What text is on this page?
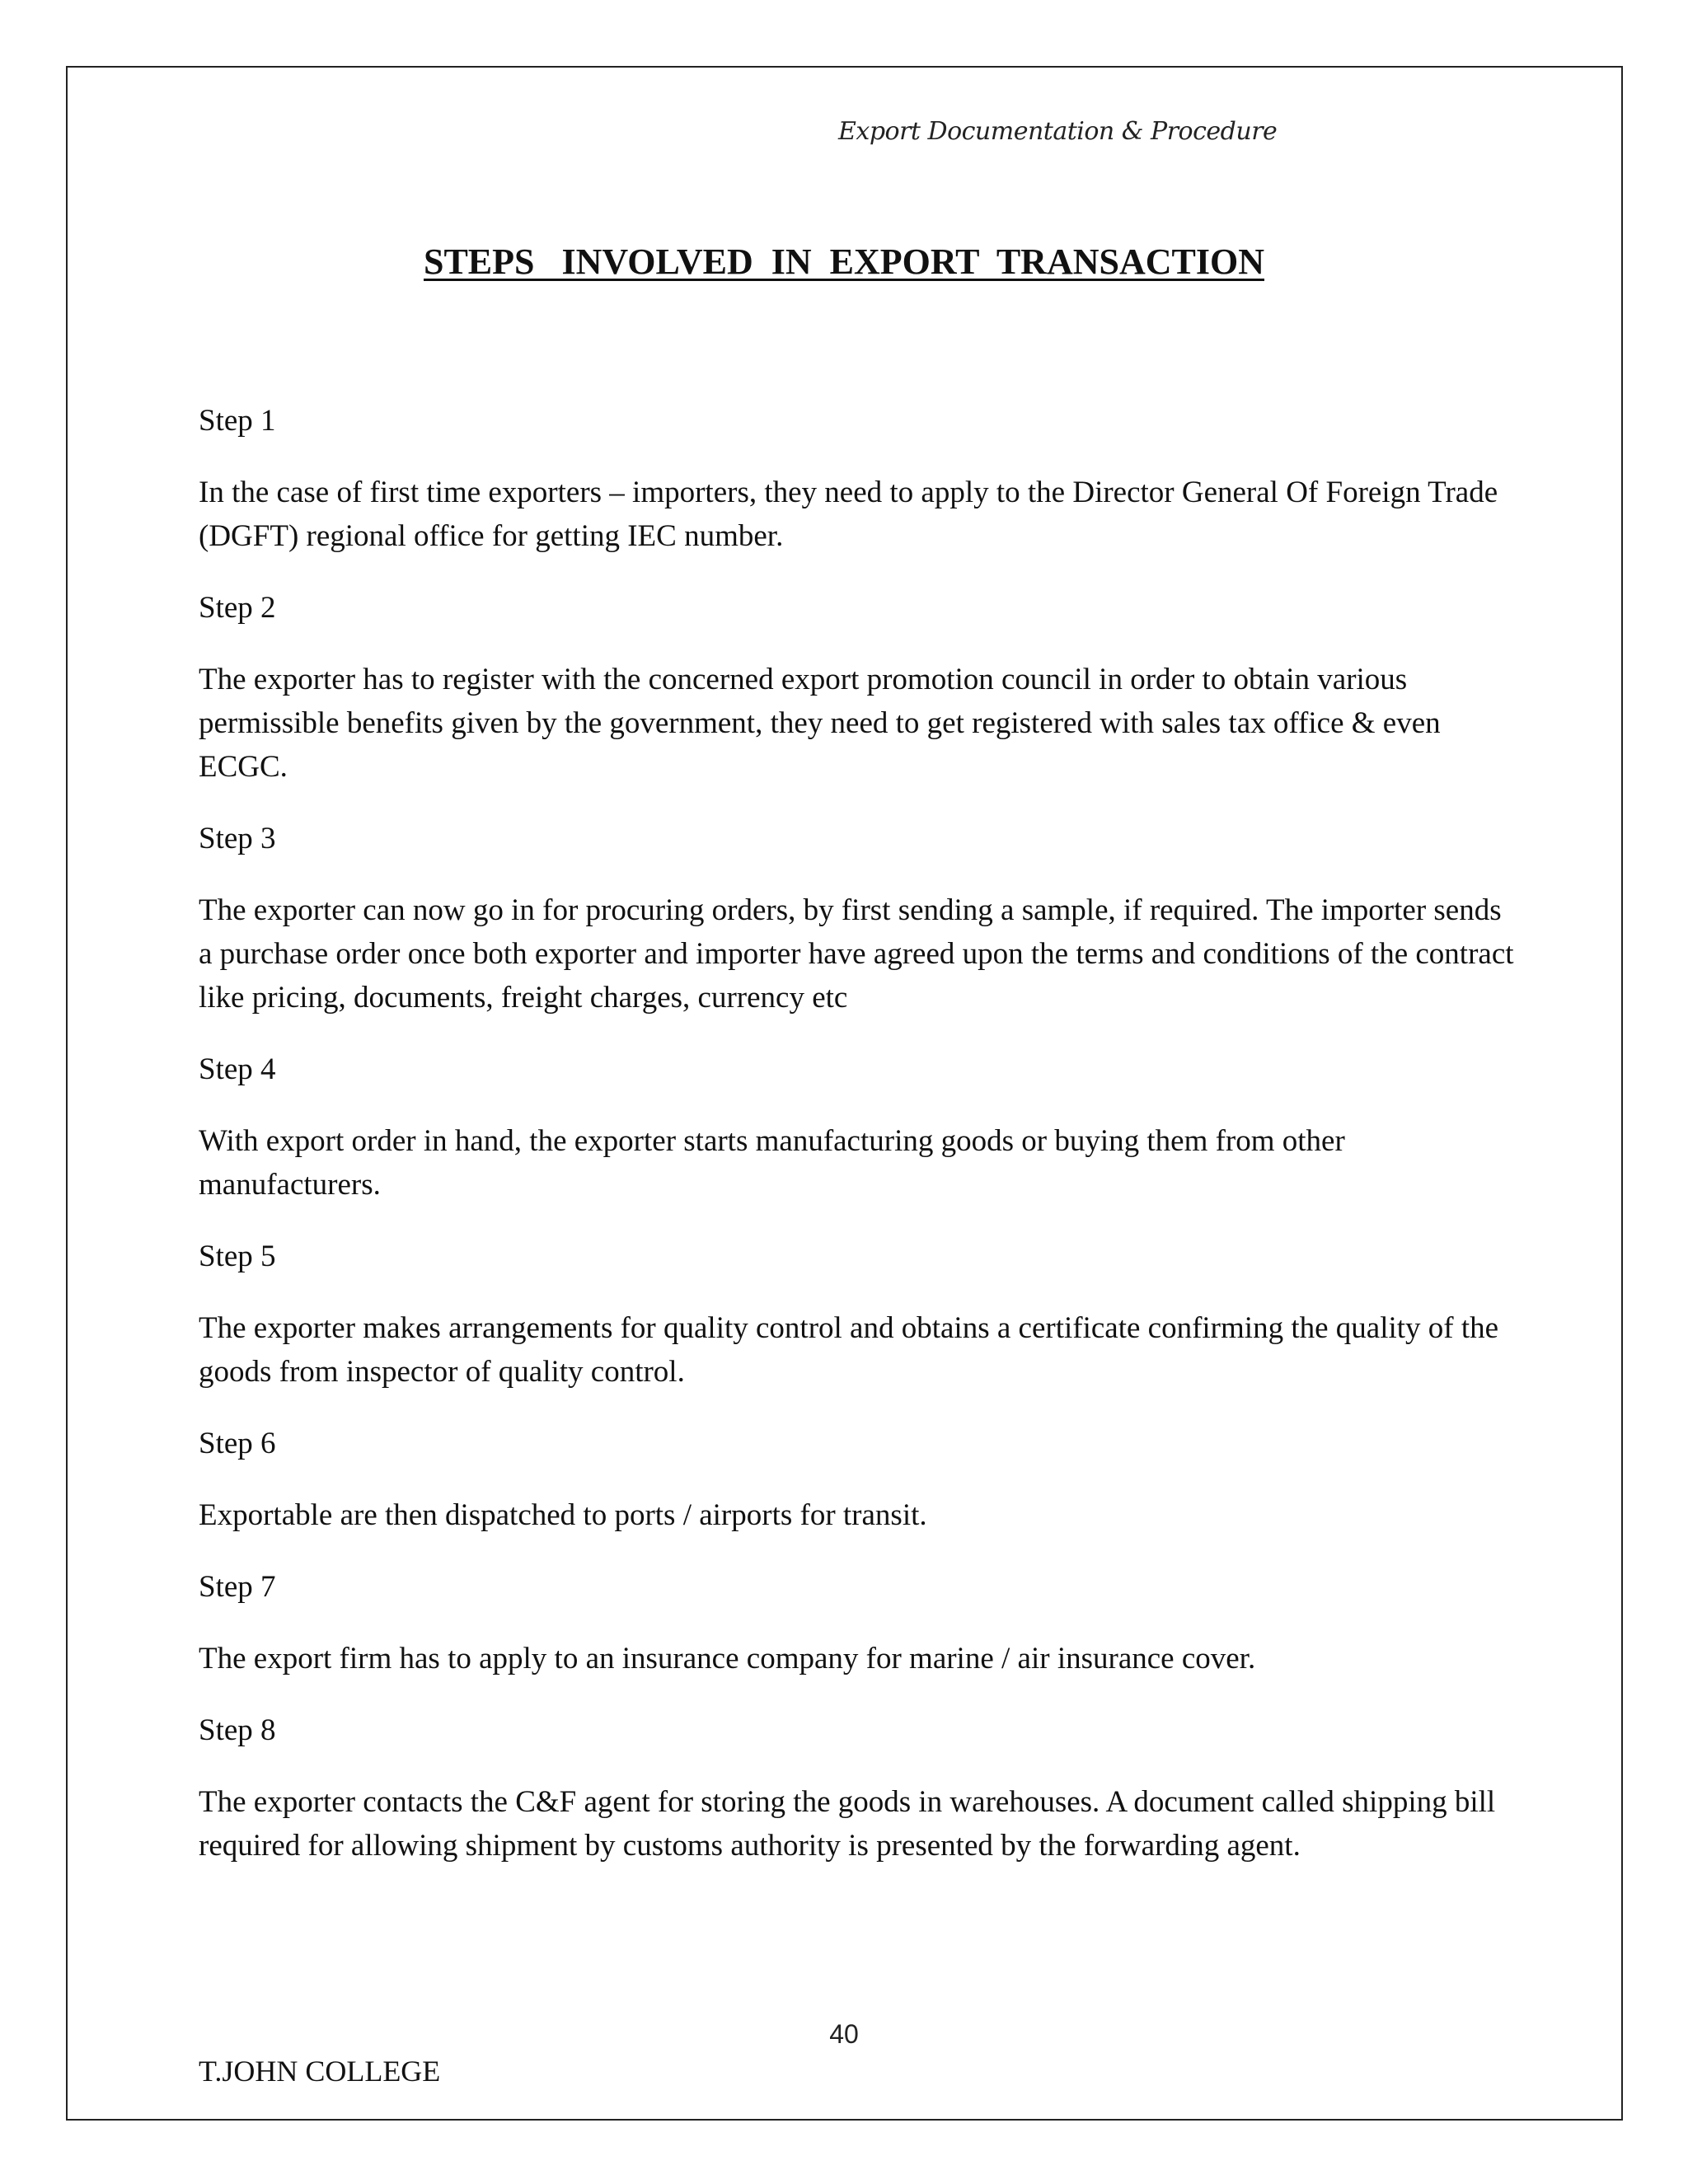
Export Documentation & Procedure
STEPS   INVOLVED  IN  EXPORT  TRANSACTION

Step 1

In the case of first time exporters – importers, they need to apply to the Director General Of Foreign Trade (DGFT) regional office for getting IEC number.

Step 2

The exporter has to register with the concerned export promotion council in order to obtain various permissible benefits given by the government, they need to get registered with sales tax office & even ECGC.

Step 3

The exporter can now go in for procuring orders, by first sending a sample, if required. The importer sends a purchase order once both exporter and importer have agreed upon the terms and conditions of the contract like pricing, documents, freight charges, currency etc

Step 4

With export order in hand, the exporter starts manufacturing goods or buying them from other manufacturers.

Step 5

The exporter makes arrangements for quality control and obtains a certificate confirming the quality of the goods from inspector of quality control.

Step 6

Exportable are then dispatched to ports / airports for transit.

Step 7

The export firm has to apply to an insurance company for marine / air insurance cover.

Step 8

The exporter contacts the C&F agent for storing the goods in warehouses. A document called shipping bill required for allowing shipment by customs authority is presented by the forwarding agent.

40
T.JOHN COLLEGE
